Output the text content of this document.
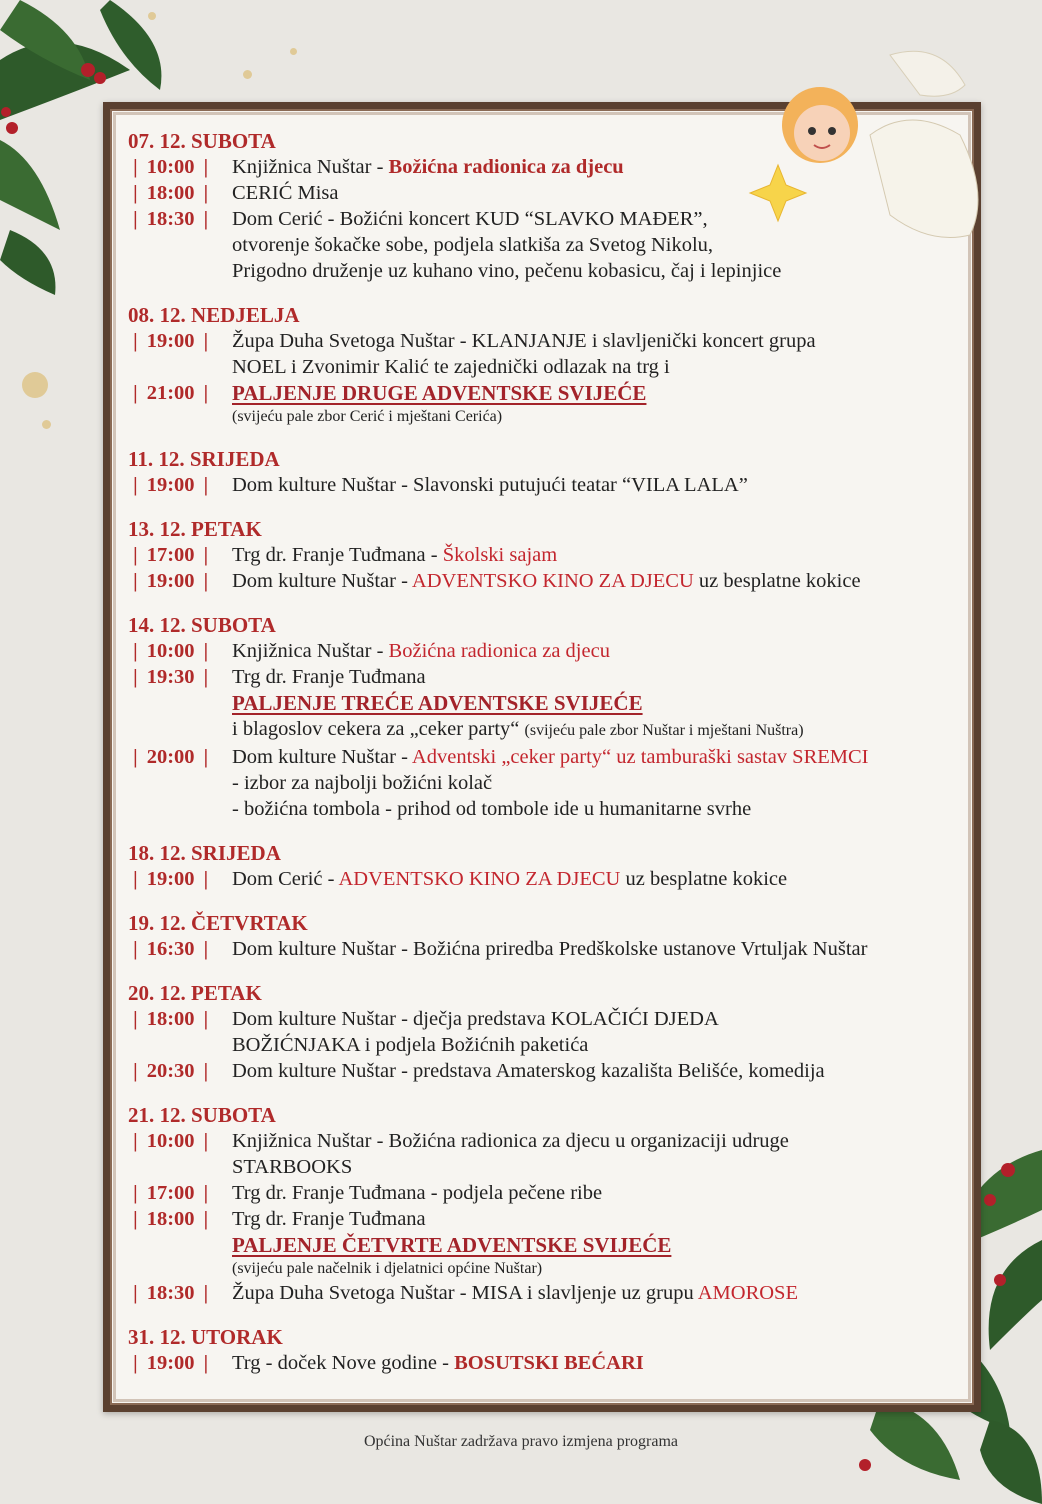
07. 12. SUBOTA
| 10:00 |	Knjižnica Nuštar - Božićna radionica za djecu
| 18:00 |	CERIĆ Misa
| 18:30 |	Dom Cerić - Božićni koncert KUD “SLAVKO MAĐER”,
otvorenje šokačke sobe, podjela slatkiša za Svetog Nikolu,
Prigodno druženje uz kuhano vino, pečenu kobasicu, čaj i lepinjice
08. 12. NEDJELJA
| 19:00 |	Župa Duha Svetoga Nuštar - KLANJANJE i slavljenički koncert grupa
NOEL i Zvonimir Kalić te zajednički odlazak na trg i
| 21:00 |	PALJENJE DRUGE ADVENTSKE SVIJEĆE
(svijeću pale zbor Cerić i mještani Cerića)
11. 12. SRIJEDA
| 19:00 |	Dom kulture Nuštar - Slavonski putujući teatar “VILA LALA”
13. 12. PETAK
| 17:00 |	Trg dr. Franje Tuđmana - Školski sajam
| 19:00 |	Dom kulture Nuštar - ADVENTSKO KINO ZA DJECU uz besplatne kokice
14. 12. SUBOTA
| 10:00 |	Knjižnica Nuštar - Božićna radionica za djecu
| 19:30 |	Trg dr. Franje Tuđmana
PALJENJE TREĆE ADVENTSKE SVIJEĆE
i blagoslov cekera za „ceker party“ (svijeću pale zbor Nuštar i mještani Nuštra)
| 20:00 |	Dom kulture Nuštar - Adventski „ceker party“ uz tamburaški sastav SREMCI
- izbor za najbolji božićni kolač
- božićna tombola - prihod od tombole ide u humanitarne svrhe
18. 12. SRIJEDA
| 19:00 |	Dom Cerić - ADVENTSKO KINO ZA DJECU uz besplatne kokice
19. 12. ČETVRTAK
| 16:30 |	Dom kulture Nuštar - Božićna priredba Predškolske ustanove Vrtuljak Nuštar
20. 12. PETAK
| 18:00 |	Dom kulture Nuštar - dječja predstava KOLAČIĆI DJEDA
BOŽIĆNJAKA i podjela Božićnih paketića
| 20:30 |	Dom kulture Nuštar - predstava Amaterskog kazališta Belišće, komedija
21. 12. SUBOTA
| 10:00 |	Knjižnica Nuštar - Božićna radionica za djecu u organizaciji udruge
STARBOOKS
| 17:00 |	Trg dr. Franje Tuđmana - podjela pečene ribe
| 18:00 |	Trg dr. Franje Tuđmana
PALJENJE ČETVRTE ADVENTSKE SVIJEĆE
(svijeću pale načelnik i djelatnici općine Nuštar)
| 18:30 |	Župa Duha Svetoga Nuštar - MISA i slavljenje uz grupu AMOROSE
31. 12. UTORAK
| 19:00 |	Trg - doček Nove godine - BOSUTSKI BEĆARI
Općina Nuštar zadržava pravo izmjena programa
